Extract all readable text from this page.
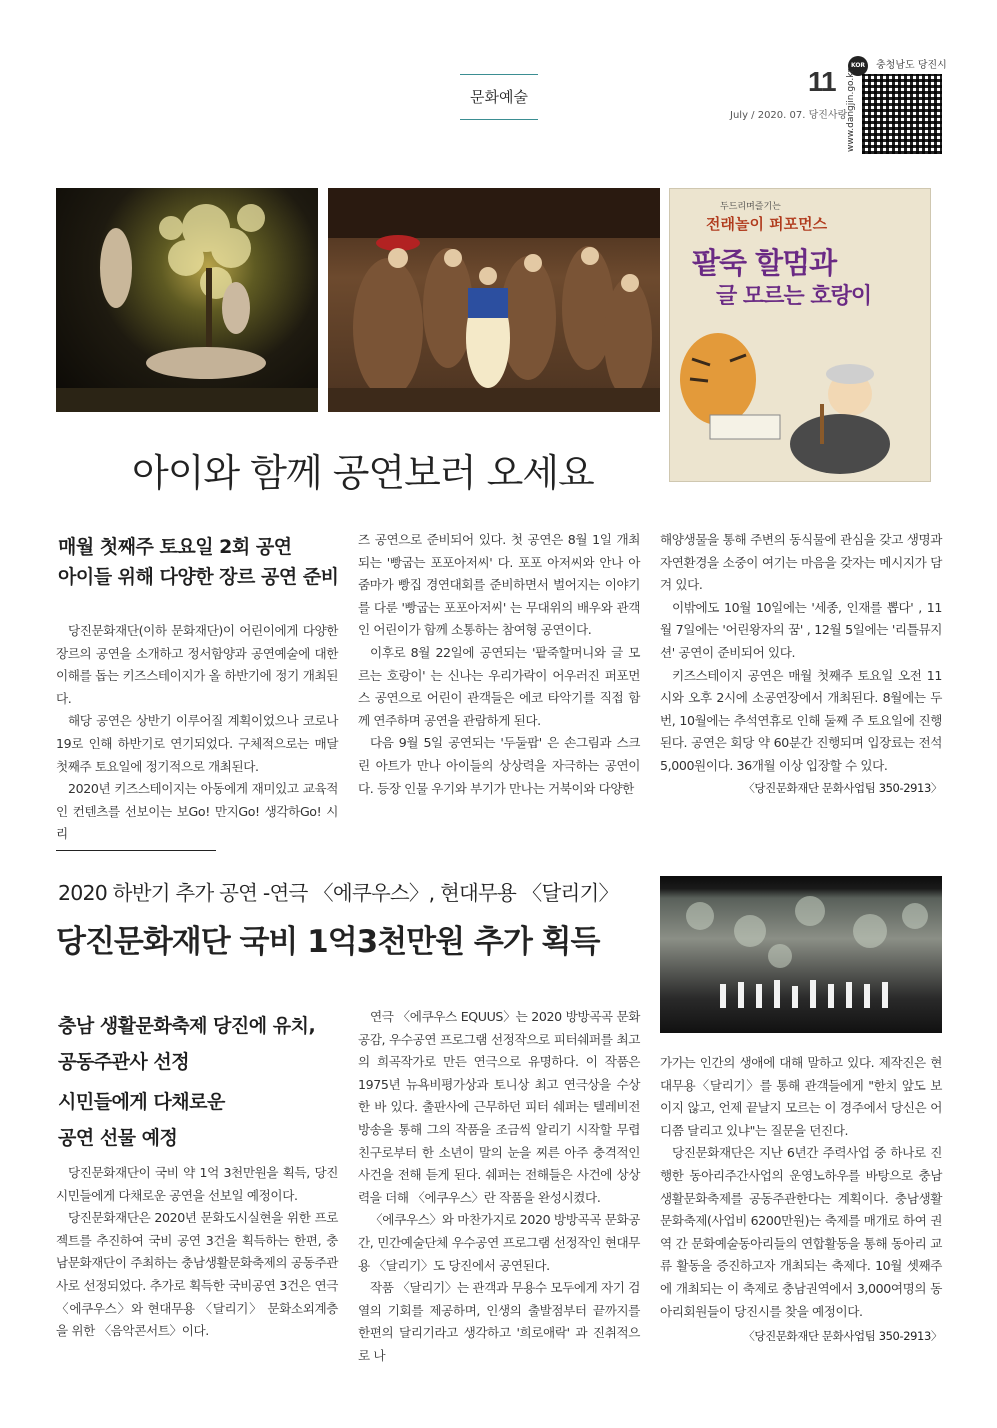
문화예술	11
July / 2020. 07. 당진사랑
KOR 충청남도 당진시
www.dangjin.go.kr
두드리며즐기는
전래놀이 퍼포먼스
팥죽 할멈과
글 모르는 호랑이
아이와 함께 공연보러 오세요
매월 첫째주 토요일 2회 공연
아이들 위해 다양한 장르 공연 준비

당진문화재단(이하 문화재단)이 어린이에게 다양한 장르의 공연을 소개하고 정서함양과 공연예술에 대한 이해를 돕는 키즈스테이지가 올 하반기에 정기 개최된다.

해당 공연은 상반기 이루어질 계획이었으나 코로나19로 인해 하반기로 연기되었다. 구체적으로는 매달 첫째주 토요일에 정기적으로 개최된다.

2020년 키즈스테이지는 아동에게 재미있고 교육적인 컨텐츠를 선보이는 보Go! 만지Go! 생각하Go! 시리

즈 공연으로 준비되어 있다. 첫 공연은 8월 1일 개최되는 '빵굽는 포포아저씨' 다. 포포 아저씨와 안나 아줌마가 빵집 경연대회를 준비하면서 벌어지는 이야기를 다룬 '빵굽는 포포아저씨' 는 무대위의 배우와 관객인 어린이가 함께 소통하는 참여형 공연이다.

이후로 8월 22일에 공연되는 '팥죽할머니와 글 모르는 호랑이' 는 신나는 우리가락이 어우러진 퍼포먼스 공연으로 어린이 관객들은 에코 타악기를 직접 함께 연주하며 공연을 관람하게 된다.

다음 9월 5일 공연되는 '두둘팝' 은 손그림과 스크린 아트가 만나 아이들의 상상력을 자극하는 공연이다. 등장 인물 우기와 부기가 만나는 거북이와 다양한

해양생물을 통해 주변의 동식물에 관심을 갖고 생명과 자연환경을 소중이 여기는 마음을 갖자는 메시지가 담겨 있다.

이밖에도 10월 10일에는 '세종, 인재를 뽑다' , 11월 7일에는 '어린왕자의 꿈' , 12월 5일에는 '리틀뮤지션' 공연이 준비되어 있다.

키즈스테이지 공연은 매월 첫째주 토요일 오전 11시와 오후 2시에 소공연장에서 개최된다. 8월에는 두번, 10월에는 추석연휴로 인해 둘째 주 토요일에 진행된다. 공연은 회당 약 60분간 진행되며 입장료는 전석 5,000원이다. 36개월 이상 입장할 수 있다.

〈당진문화재단 문화사업팀 350-2913〉
2020 하반기 추가 공연 -연극 〈에쿠우스〉, 현대무용 〈달리기〉
당진문화재단 국비 1억3천만원 추가 획득
충남 생활문화축제 당진에 유치,
공동주관사 선정
시민들에게 다채로운
공연 선물 예정

당진문화재단이 국비 약 1억 3천만원을 획득, 당진 시민들에게 다채로운 공연을 선보일 예정이다.

당진문화재단은 2020년 문화도시실현을 위한 프로젝트를 추진하여 국비 공연 3건을 획득하는 한편, 충남문화재단이 주최하는 충남생활문화축제의 공동주관사로 선정되었다. 추가로 획득한 국비공연 3건은 연극 〈에쿠우스〉와 현대무용 〈달리기〉 문화소외계층을 위한 〈음악콘서트〉이다.

연극 〈에쿠우스 EQUUS〉는 2020 방방곡곡 문화공감, 우수공연 프로그램 선정작으로 피터쉐퍼를 최고의 희곡작가로 만든 연극으로 유명하다. 이 작품은 1975년 뉴욕비평가상과 토니상 최고 연극상을 수상한 바 있다. 출판사에 근무하던 피터 쉐퍼는 텔레비전 방송을 통해 그의 작품을 조금씩 알리기 시작할 무렵 친구로부터 한 소년이 말의 눈을 찌른 아주 충격적인 사건을 전해 듣게 된다. 쉐퍼는 전해들은 사건에 상상력을 더해 〈에쿠우스〉란 작품을 완성시켰다.

〈에쿠우스〉와 마찬가지로 2020 방방곡곡 문화공간, 민간예술단체 우수공연 프로그램 선정작인 현대무용 〈달리기〉도 당진에서 공연된다.

작품 〈달리기〉는 관객과 무용수 모두에게 자기 검열의 기회를 제공하며, 인생의 출발점부터 끝까지를 한편의 달리기라고 생각하고 '희로애락' 과 진취적으로 나

가가는 인간의 생애에 대해 말하고 있다. 제작진은 현대무용〈달리기〉를 통해 관객들에게 "한치 앞도 보이지 않고, 언제 끝날지 모르는 이 경주에서 당신은 어디쯤 달리고 있냐"는 질문을 던진다.

당진문화재단은 지난 6년간 주력사업 중 하나로 진행한 동아리주간사업의 운영노하우를 바탕으로 충남생활문화축제를 공동주관한다는 계획이다. 충남생활문화축제(사업비 6200만원)는 축제를 매개로 하여 권역 간 문화예술동아리들의 연합활동을 통해 동아리 교류 활동을 증진하고자 개최되는 축제다. 10월 셋째주에 개최되는 이 축제로 충남권역에서 3,000여명의 동아리회원들이 당진시를 찾을 예정이다.

〈당진문화재단 문화사업팀 350-2913〉
